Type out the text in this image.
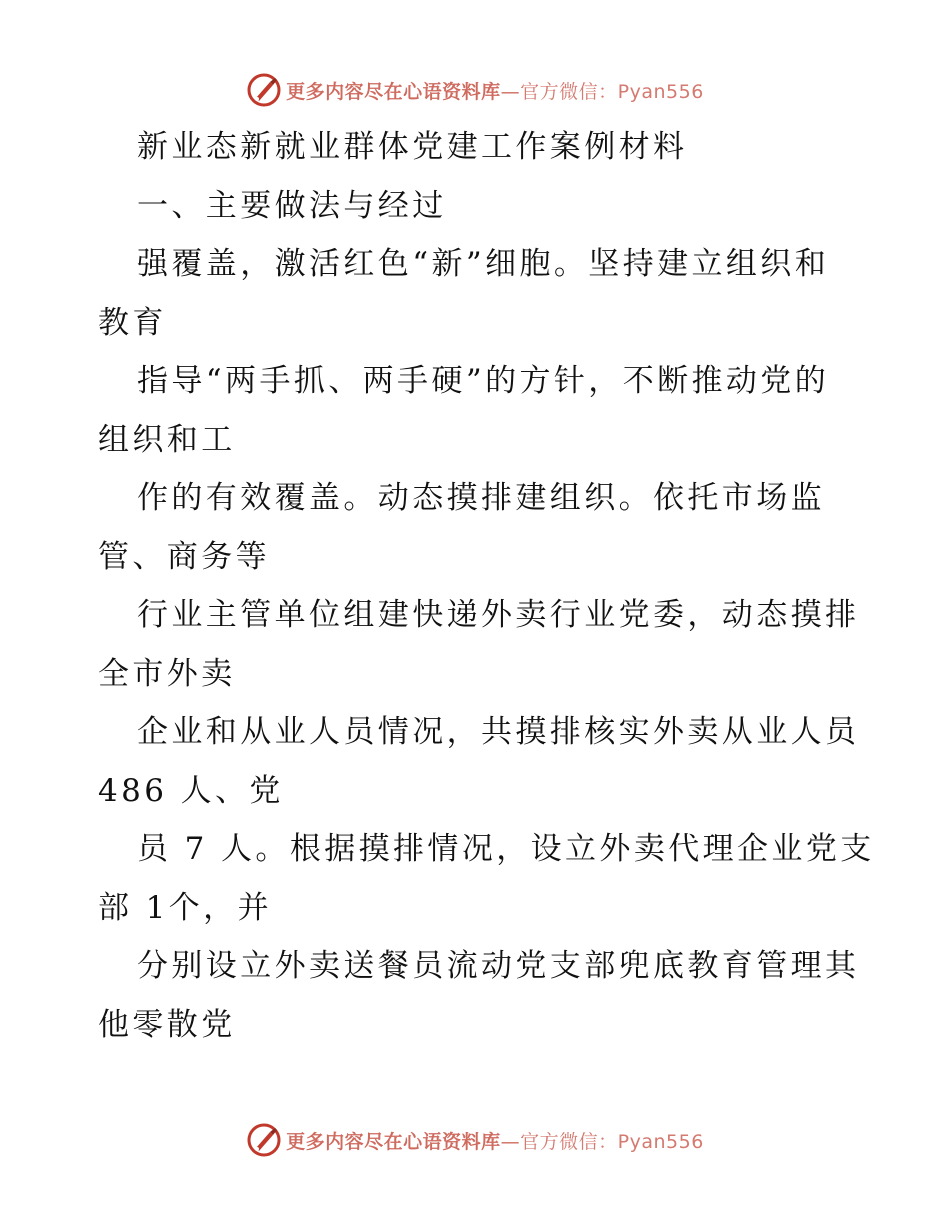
更多内容尽在心语资料库—官方微信：Pyan556
新业态新就业群体党建工作案例材料
一、主要做法与经过
强覆盖，激活红色“新”细胞。坚持建立组织和
教育
指导“两手抓、两手硬”的方针，不断推动党的
组织和工
作的有效覆盖。动态摸排建组织。依托市场监
管、商务等
行业主管单位组建快递外卖行业党委，动态摸排
全市外卖
企业和从业人员情况，共摸排核实外卖从业人员
486 人、党
员 7 人。根据摸排情况，设立外卖代理企业党支
部 1个，并
分别设立外卖送餐员流动党支部兜底教育管理其
他零散党
更多内容尽在心语资料库—官方微信：Pyan556
